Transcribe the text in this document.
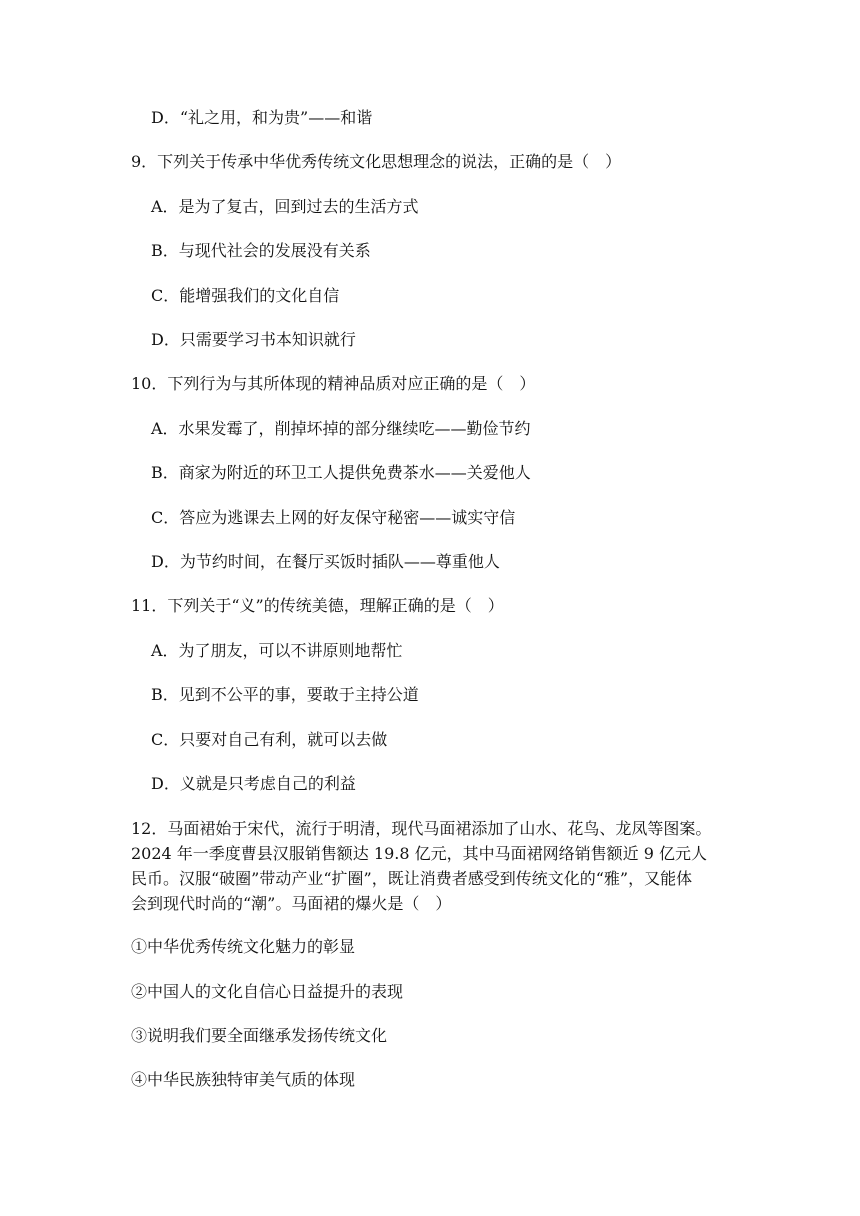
D．“礼之用，和为贵”——和谐
9．下列关于传承中华优秀传统文化思想理念的说法，正确的是（　）
A．是为了复古，回到过去的生活方式
B．与现代社会的发展没有关系
C．能增强我们的文化自信
D．只需要学习书本知识就行
10．下列行为与其所体现的精神品质对应正确的是（　）
A．水果发霉了，削掉坏掉的部分继续吃——勤俭节约
B．商家为附近的环卫工人提供免费茶水——关爱他人
C．答应为逃课去上网的好友保守秘密——诚实守信
D．为节约时间，在餐厅买饭时插队——尊重他人
11．下列关于“义”的传统美德，理解正确的是（　）
A．为了朋友，可以不讲原则地帮忙
B．见到不公平的事，要敢于主持公道
C．只要对自己有利，就可以去做
D．义就是只考虑自己的利益
12．马面裙始于宋代，流行于明清，现代马面裙添加了山水、花鸟、龙凤等图案。
2024 年一季度曹县汉服销售额达 19.8 亿元，其中马面裙网络销售额近 9 亿元人
民币。汉服“破圈”带动产业“扩圈”，既让消费者感受到传统文化的“雅”，又能体
会到现代时尚的“潮”。马面裙的爆火是（　）
①中华优秀传统文化魅力的彰显
②中国人的文化自信心日益提升的表现
③说明我们要全面继承发扬传统文化
④中华民族独特审美气质的体现
